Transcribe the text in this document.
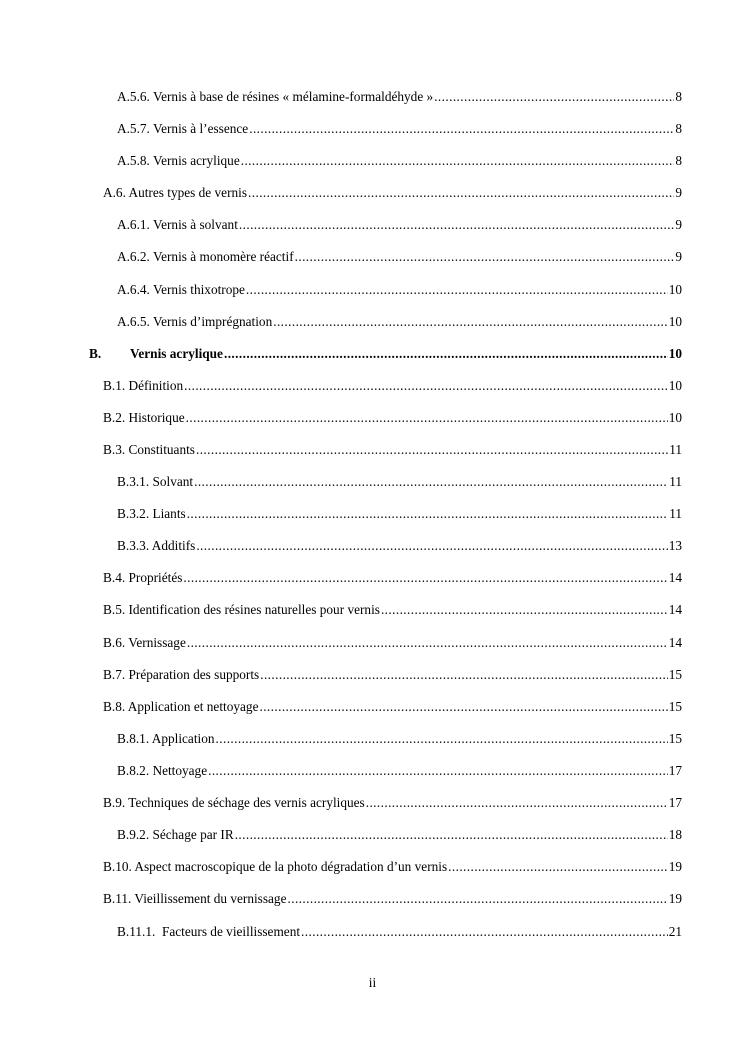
A.5.6. Vernis à base de résines « mélamine-formaldéhyde » .....	8
A.5.7. Vernis à l’essence .....	8
A.5.8. Vernis acrylique .....	8
A.6. Autres types de vernis .....	9
A.6.1. Vernis à solvant .....	9
A.6.2. Vernis à monomère réactif .....	9
A.6.4. Vernis thixotrope .....	10
A.6.5. Vernis d’imprégnation .....	10
B.	Vernis acrylique .....	10
B.1. Définition .....	10
B.2. Historique .....	10
B.3. Constituants .....	11
B.3.1. Solvant .....	11
B.3.2. Liants .....	11
B.3.3. Additifs .....	13
B.4. Propriétés .....	14
B.5. Identification des résines naturelles pour vernis .....	14
B.6. Vernissage .....	14
B.7. Préparation des supports .....	15
B.8. Application et nettoyage .....	15
B.8.1. Application .....	15
B.8.2. Nettoyage .....	17
B.9. Techniques de séchage des vernis acryliques .....	17
B.9.2. Séchage par IR .....	18
B.10. Aspect macroscopique de la photo dégradation d’un vernis .....	19
B.11. Vieillissement du vernissage .....	19
B.11.1.  Facteurs de vieillissement .....	21
ii
